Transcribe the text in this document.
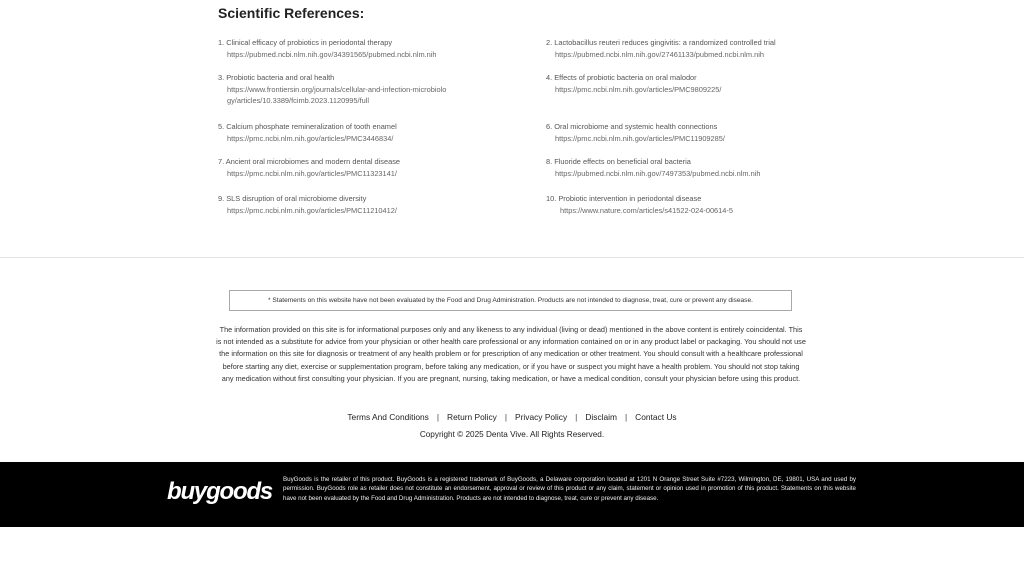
Scientific References:
1. Clinical efficacy of probiotics in periodontal therapy
https://pubmed.ncbi.nlm.nih.gov/34391565/pubmed.ncbi.nlm.nih
2. Lactobacillus reuteri reduces gingivitis: a randomized controlled trial
https://pubmed.ncbi.nlm.nih.gov/27461133/pubmed.ncbi.nlm.nih
3. Probiotic bacteria and oral health
https://www.frontiersin.org/journals/cellular-and-infection-microbiolo
gy/articles/10.3389/fcimb.2023.1120995/full
4. Effects of probiotic bacteria on oral malodor
https://pmc.ncbi.nlm.nih.gov/articles/PMC9809225/
5. Calcium phosphate remineralization of tooth enamel
https://pmc.ncbi.nlm.nih.gov/articles/PMC3446834/
6. Oral microbiome and systemic health connections
https://pmc.ncbi.nlm.nih.gov/articles/PMC11909285/
7. Ancient oral microbiomes and modern dental disease
https://pmc.ncbi.nlm.nih.gov/articles/PMC11323141/
8. Fluoride effects on beneficial oral bacteria
https://pubmed.ncbi.nlm.nih.gov/7497353/pubmed.ncbi.nlm.nih
9. SLS disruption of oral microbiome diversity
https://pmc.ncbi.nlm.nih.gov/articles/PMC11210412/
10. Probiotic intervention in periodontal disease
https://www.nature.com/articles/s41522-024-00614-5
* Statements on this website have not been evaluated by the Food and Drug Administration. Products are not intended to diagnose, treat, cure or prevent any disease.

The information provided on this site is for informational purposes only and any likeness to any individual (living or dead) mentioned in the above content is entirely coincidental. This is not intended as a substitute for advice from your physician or other health care professional or any information contained on or in any product label or packaging. You should not use the information on this site for diagnosis or treatment of any health problem or for prescription of any medication or other treatment. You should consult with a healthcare professional before starting any diet, exercise or supplementation program, before taking any medication, or if you have or suspect you might have a health problem. You should not stop taking any medication without first consulting your physician. If you are pregnant, nursing, taking medication, or have a medical condition, consult your physician before using this product.

Terms And Conditions | Return Policy | Privacy Policy | Disclaim | Contact Us
Copyright © 2025 Denta Vive. All Rights Reserved.
buygoods BuyGoods is the retailer of this product. BuyGoods is a registered trademark of BuyGoods, a Delaware corporation located at 1201 N Orange Street Suite #7223, Wilmington, DE, 19801, USA and used by permission. BuyGoods role as retailer does not constitute an endorsement, approval or review of this product or any claim, statement or opinion used in promotion of this product. Statements on this website have not been evaluated by the Food and Drug Administration. Products are not intended to diagnose, treat, cure or prevent any disease.
